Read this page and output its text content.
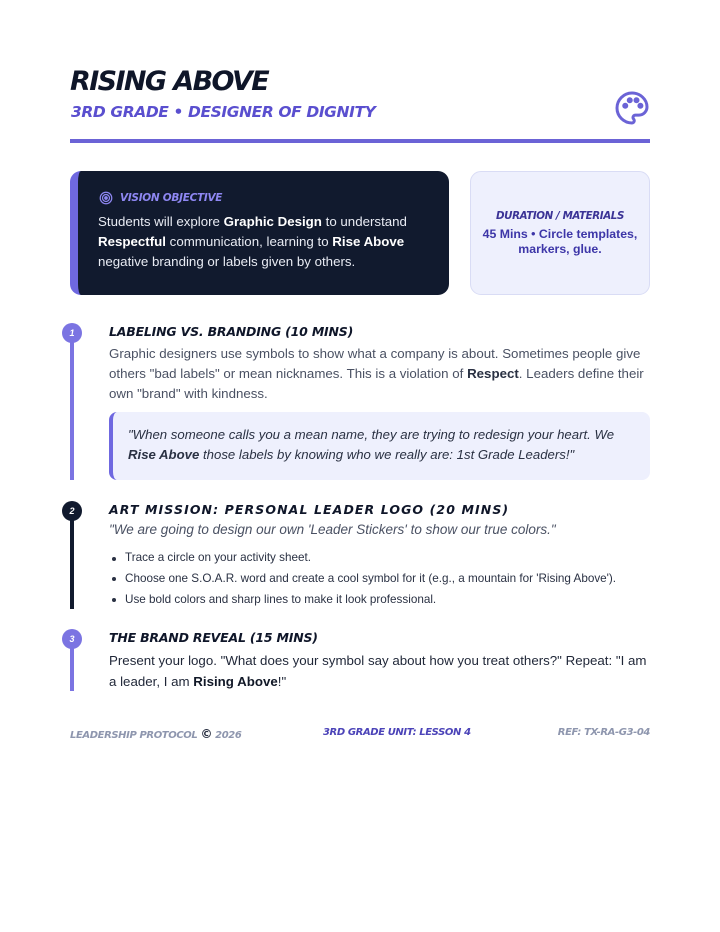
RISING ABOVE
3RD GRADE • DESIGNER OF DIGNITY
VISION OBJECTIVE
Students will explore Graphic Design to understand Respectful communication, learning to Rise Above negative branding or labels given by others.
DURATION / MATERIALS
45 Mins • Circle templates, markers, glue.
1	LABELING VS. BRANDING (10 MINS)
Graphic designers use symbols to show what a company is about. Sometimes people give others "bad labels" or mean nicknames. This is a violation of Respect. Leaders define their own "brand" with kindness.
"When someone calls you a mean name, they are trying to redesign your heart. We Rise Above those labels by knowing who we really are: 1st Grade Leaders!"
2	ART MISSION: PERSONAL LEADER LOGO (20 MINS)
"We are going to design our own 'Leader Stickers' to show our true colors."
Trace a circle on your activity sheet.
Choose one S.O.A.R. word and create a cool symbol for it (e.g., a mountain for 'Rising Above').
Use bold colors and sharp lines to make it look professional.
3	THE BRAND REVEAL (15 MINS)
Present your logo. "What does your symbol say about how you treat others?" Repeat: "I am a leader, I am Rising Above!"
LEADERSHIP PROTOCOL © 2026	3RD GRADE UNIT: LESSON 4	REF: TX-RA-G3-04
